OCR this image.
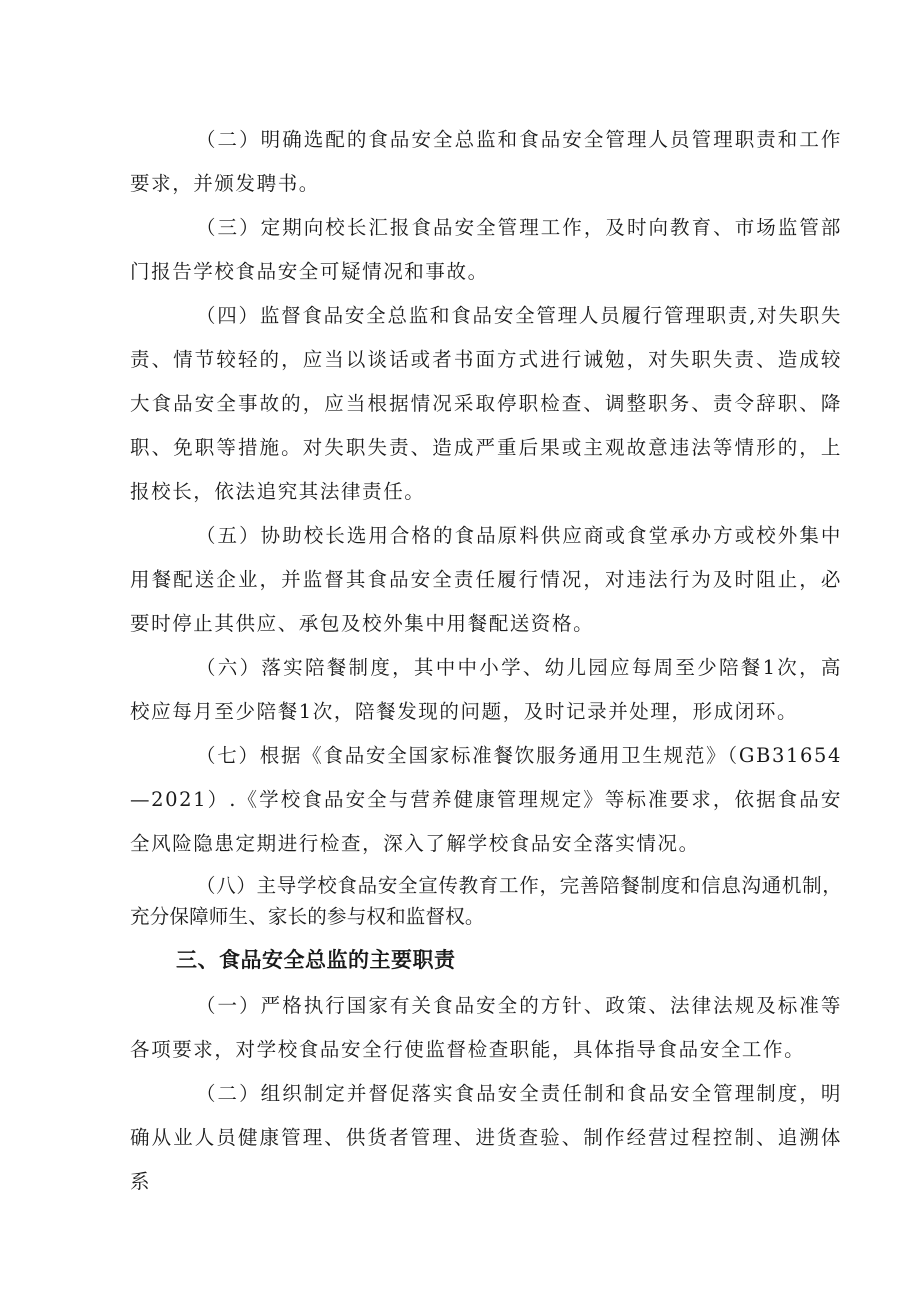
（二）明确选配的食品安全总监和食品安全管理人员管理职责和工作要求，并颁发聘书。

（三）定期向校长汇报食品安全管理工作，及时向教育、市场监管部门报告学校食品安全可疑情况和事故。

（四）监督食品安全总监和食品安全管理人员履行管理职责,对失职失责、情节较轻的，应当以谈话或者书面方式进行诫勉，对失职失责、造成较大食品安全事故的，应当根据情况采取停职检查、调整职务、责令辞职、降职、免职等措施。对失职失责、造成严重后果或主观故意违法等情形的，上报校长，依法追究其法律责任。

（五）协助校长选用合格的食品原料供应商或食堂承办方或校外集中用餐配送企业，并监督其食品安全责任履行情况，对违法行为及时阻止，必要时停止其供应、承包及校外集中用餐配送资格。

（六）落实陪餐制度，其中中小学、幼儿园应每周至少陪餐1次，高校应每月至少陪餐1次，陪餐发现的问题，及时记录并处理，形成闭环。

（七）根据《食品安全国家标准餐饮服务通用卫生规范》（GB31654—2021）.《学校食品安全与营养健康管理规定》等标准要求，依据食品安全风险隐患定期进行检查，深入了解学校食品安全落实情况。

（八）主导学校食品安全宣传教育工作，完善陪餐制度和信息沟通机制，充分保障师生、家长的参与权和监督权。

三、食品安全总监的主要职责

（一）严格执行国家有关食品安全的方针、政策、法律法规及标准等各项要求，对学校食品安全行使监督检查职能，具体指导食品安全工作。

（二）组织制定并督促落实食品安全责任制和食品安全管理制度，明确从业人员健康管理、供货者管理、进货查验、制作经营过程控制、追溯体系
